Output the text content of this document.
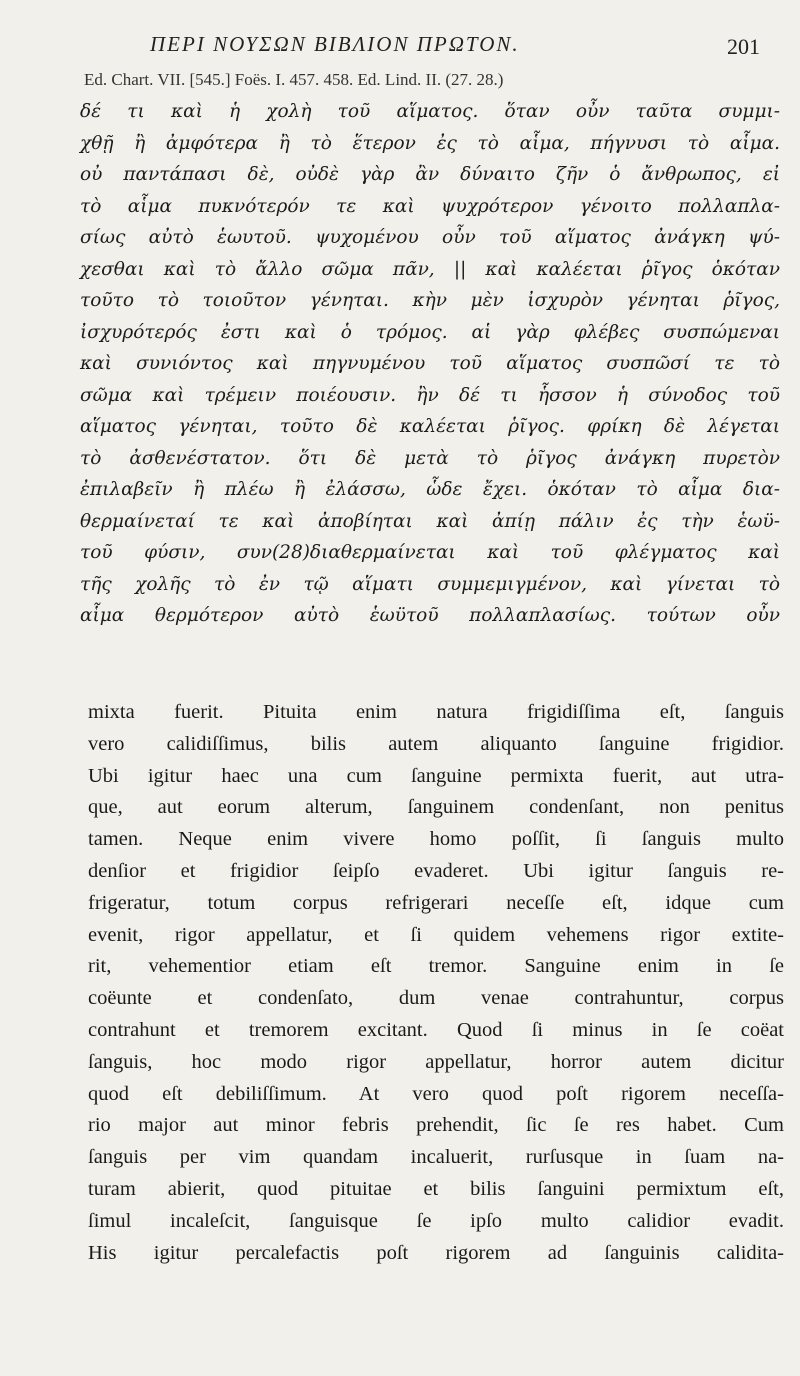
ΠΕΡΙ ΝΟΥΣΩΝ ΒΙΒΛΙΟΝ ΠΡΩΤΟΝ.	201
Ed. Chart. VII. [545.] Foës. I. 457. 458. Ed. Lind. II. (27. 28.)
δέ τι καὶ ἡ χολὴ τοῦ αἵματος. ὅταν οὖν ταῦτα συμμι-
χθῇ ἢ ἀμφότερα ἢ τὸ ἕτερον ἐς τὸ αἷμα, πήγνυσι τὸ αἷμα.
οὐ παντάπασι δὲ, οὐδὲ γὰρ ἂν δύναιτο ζῆν ὁ ἄνθρωπος, εἰ
τὸ αἷμα πυκνότερόν τε καὶ ψυχρότερον γένοιτο πολλαπλα-
σίως αὐτὸ ἑωυτοῦ. ψυχομένου οὖν τοῦ αἵματος ἀνάγκη ψύ-
χεσθαι καὶ τὸ ἄλλο σῶμα πᾶν, || καὶ καλέεται ῥῖγος ὁκόταν
τοῦτο τὸ τοιοῦτον γένηται. κὴν μὲν ἰσχυρὸν γένηται ῥῖγος,
ἰσχυρότερός ἐστι καὶ ὁ τρόμος. αἱ γὰρ φλέβες συσπώμεναι
καὶ συνιόντος καὶ πηγνυμένου τοῦ αἵματος συσπῶσί τε τὸ
σῶμα καὶ τρέμειν ποιέουσιν. ἢν δέ τι ἧσσον ἡ σύνοδος τοῦ
αἵματος γένηται, τοῦτο δὲ καλέεται ῥῖγος. φρίκη δὲ λέγεται
τὸ ἀσθενέστατον. ὅτι δὲ μετὰ τὸ ῥῖγος ἀνάγκη πυρετὸν
ἐπιλαβεῖν ἢ πλέω ἢ ἐλάσσω, ὧδε ἔχει. ὁκόταν τὸ αἷμα δια-
θερμαίνεταί τε καὶ ἀποβίηται καὶ ἀπίῃ πάλιν ἐς τὴν ἑωϋ-
τοῦ φύσιν, συν(28)διαθερμαίνεται καὶ τοῦ φλέγματος καὶ
τῆς χολῆς τὸ ἐν τῷ αἵματι συμμεμιγμένον, καὶ γίνεται τὸ
αἷμα θερμότερον αὐτὸ ἑωϋτοῦ πολλαπλασίως. τούτων οὖν
mixta fuerit. Pituita enim natura frigidiſſima eſt, ſanguis
vero calidiſſimus, bilis autem aliquanto ſanguine frigidior.
Ubi igitur haec una cum ſanguine permixta fuerit, aut utra-
que, aut eorum alterum, ſanguinem condenſant, non penitus
tamen. Neque enim vivere homo poſſit, ſi ſanguis multo
denſior et frigidior ſeipſo evaderet. Ubi igitur ſanguis re-
frigeratur, totum corpus refrigerari neceſſe eſt, idque cum
evenit, rigor appellatur, et ſi quidem vehemens rigor extite-
rit, vehementior etiam eſt tremor. Sanguine enim in ſe
coëunte et condenſato, dum venae contrahuntur, corpus
contrahunt et tremorem excitant. Quod ſi minus in ſe coëat
ſanguis, hoc modo rigor appellatur, horror autem dicitur
quod eſt debiliſſimum. At vero quod poſt rigorem neceſſa-
rio major aut minor febris prehendit, ſic ſe res habet. Cum
ſanguis per vim quandam incaluerit, rurſusque in ſuam na-
turam abierit, quod pituitae et bilis ſanguini permixtum eſt,
ſimul incaleſcit, ſanguisque ſe ipſo multo calidior evadit.
His igitur percalefactis poſt rigorem ad ſanguinis calidita-
